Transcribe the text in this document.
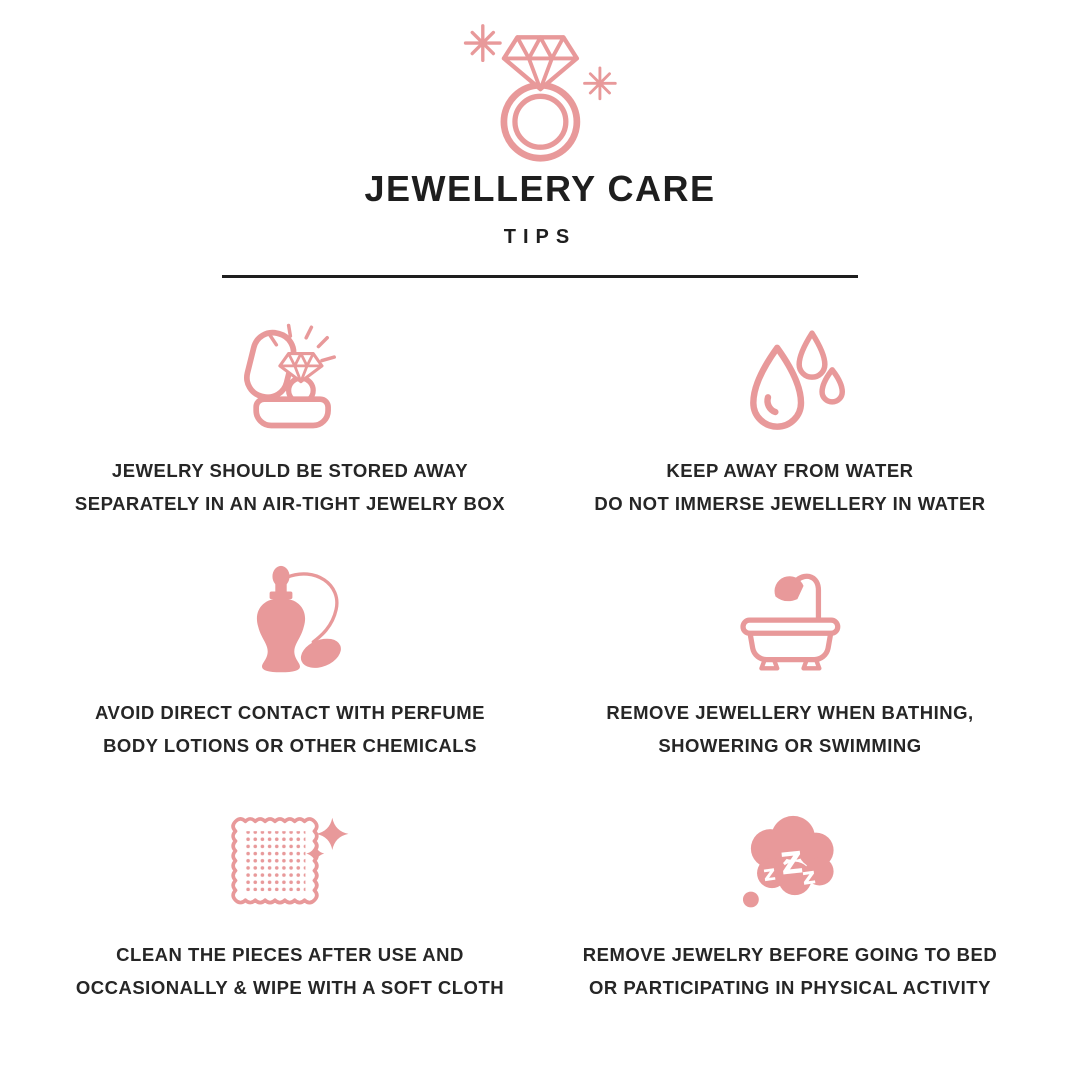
JEWELLERY CARE
TIPS
JEWELRY SHOULD BE STORED AWAY
SEPARATELY IN AN AIR-TIGHT JEWELRY BOX
KEEP AWAY FROM WATER
DO NOT IMMERSE JEWELLERY IN WATER
AVOID DIRECT CONTACT WITH PERFUME
BODY LOTIONS OR OTHER CHEMICALS
REMOVE JEWELLERY WHEN BATHING,
SHOWERING OR SWIMMING
CLEAN THE PIECES AFTER USE AND
OCCASIONALLY & WIPE WITH A SOFT CLOTH
z Z
z
REMOVE JEWELRY BEFORE GOING TO BED
OR PARTICIPATING IN PHYSICAL ACTIVITY
